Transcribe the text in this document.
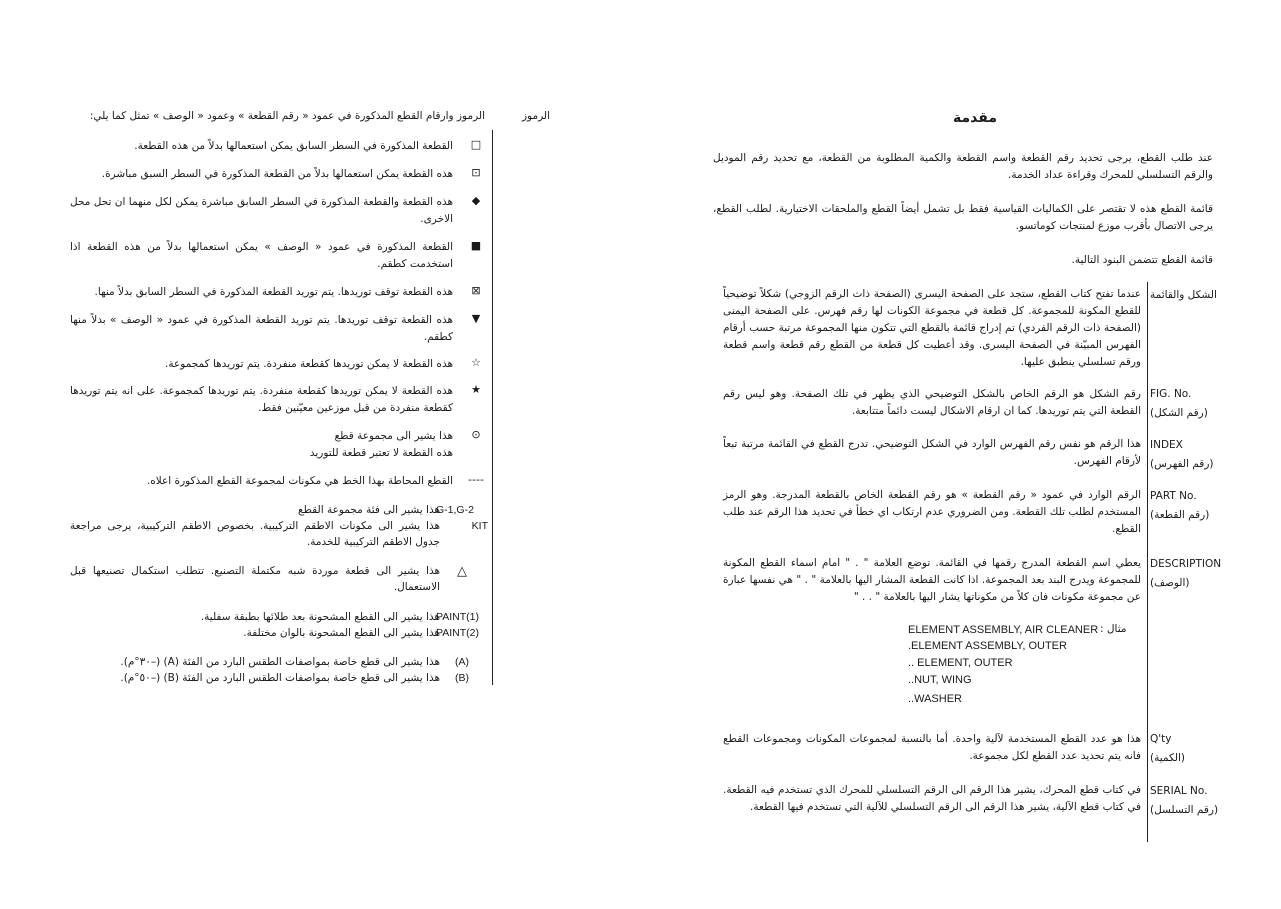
مقدمة
عند طلب القطع، يرجى تحديد رقم القطعة واسم القطعة والكمية المطلوبة من القطعة، مع تحديد رقم الموديل والرقم التسلسلي للمحرك وقراءة عداد الخدمة.
قائمة القطع هذه لا تقتصر على الكماليات القياسية فقط بل تشمل أيضاً القطع والملحقات الاختيارية. لطلب القطع، يرجى الاتصال بأقرب موزع لمنتجات كوماتسو.
قائمة القطع تتضمن البنود التالية.
الشكل والقائمة
عندما تفتح كتاب القطع، ستجد على الصفحة اليسرى (الصفحة ذات الرقم الزوجي) شكلاً توضيحياً للقطع المكونة للمجموعة. كل قطعة في مجموعة الكونات لها رقم فهرس. على الصفحة اليمنى (الصفحة ذات الرقم الفردي) تم إدراج قائمة بالقطع التي تتكون منها المجموعة مرتبة حسب أرقام الفهرس المبيّنة في الصفحة اليسرى. وقد أعطيت كل قطعة من القطع رقم قطعة واسم قطعة ورقم تسلسلي ينطبق عليها.
FIG. No.
(رقم الشكل)
رقم الشكل هو الرقم الخاص بالشكل التوضيحي الذي يظهر في تلك الصفحة. وهو ليس رقم القطعة التي يتم توريدها. كما ان ارقام الاشكال ليست دائماً متتابعة.
INDEX
(رقم الفهرس)
هذا الرقم هو نفس رقم الفهرس الوارد في الشكل التوضيحي. تدرج القطع في القائمة مرتبة تبعاً لأرقام الفهرس.
PART No.
(رقم القطعة)
الرقم الوارد في عمود « رقم القطعة » هو رقم القطعة الخاص بالقطعة المدرجة. وهو الرمز المستخدم لطلب تلك القطعة. ومن الضروري عدم ارتكاب اي خطأ في تحديد هذا الرقم عند طلب القطع.
DESCRIPTION
(الوصف)
يعطي اسم القطعة المدرج رقمها في القائمة. توضع العلامة " . " امام اسماء القطع المكونة للمجموعة ويدرج البند بعد المجموعة. اذا كانت القطعة المشار اليها بالعلامة " . " هي نفسها عبارة عن مجموعة مكونات فان كلاً من مكوناتها يشار اليها بالعلامة " . . "
مثال :
ELEMENT ASSEMBLY, AIR CLEANER
.ELEMENT ASSEMBLY, OUTER
.. ELEMENT, OUTER
..NUT, WING
..WASHER
Q'ty
(الكمية)
هذا هو عدد القطع المستخدمة لآلية واحدة. أما بالنسبة لمجموعات المكونات ومجموعات القطع فانه يتم تحديد عدد القطع لكل مجموعة.
SERIAL No.
(رقم التسلسل)
في كتاب قطع المحرك، يشير هذا الرقم الى الرقم التسلسلي للمحرك الذي تستخدم فيه القطعة. في كتاب قطع الآلية، يشير هذا الرقم الى الرقم التسلسلي للآلية التي تستخدم فيها القطعة.
الرموز
الرموز وارقام القطع المذكورة في عمود « رقم القطعة » وعمود « الوصف » تمثل كما يلي:
□
القطعة المذكورة في السطر السابق يمكن استعمالها بدلاً من هذه القطعة.
⊡
هذه القطعة يمكن استعمالها بدلاً من القطعة المذكورة في السطر السبق مباشرة.
◆
هذه القطعة والقطعة المذكورة في السطر السابق مباشرة يمكن لكل منهما ان تحل محل الاخرى.
■
القطعة المذكورة في عمود « الوصف » يمكن استعمالها بدلاً من هذه القطعة اذا استخدمت كطقم.
⊠
هذه القطعة توقف توريدها. يتم توريد القطعة المذكورة في السطر السابق بدلاً منها.
▼
هذه القطعة توقف توريدها. يتم توريد القطعة المذكورة في عمود « الوصف » بدلاً منها كطقم.
☆
هذه القطعة لا يمكن توريدها كقطعة منفردة. يتم توريدها كمجموعة.
★
هذه القطعة لا يمكن توريدها كقطعة منفردة. يتم توريدها كمجموعة. على انه يتم توريدها كقطعة منفردة من قبل موزعين معيّنين فقط.
⊙
هذا يشير الى مجموعة قطع
هذه القطعة لا تعتبر قطعة للتوريد
----
القطع المحاطة بهذا الخط هي مكونات لمجموعة القطع المذكورة اعلاه.
G-1,G-2
هذا يشير الى فئة مجموعة القطع
KIT
هذا يشير الى مكونات الاطقم التركيبية. بخصوص الاطقم التركيبية، يرجى مراجعة جدول الاطقم التركيبية للخدمة.
△
هذا يشير الى قطعة موردة شبه مكتملة التصنيع. تتطلب استكمال تصنيعها قبل الاستعمال.
PAINT(1)
هذا يشير الى القطع المشحونة بعد طلائها بطبقة سفلية.
PAINT(2)
هذا يشير الى القطع المشحونة بالوان مختلفة.
(A)
هذا يشير الى قطع خاصة بمواصفات الطقس البارد من الفئة (A) (–٣٠°م).
(B)
هذا يشير الى قطع خاصة بمواصفات الطقس البارد من الفئة (B) (–٥٠°م).
